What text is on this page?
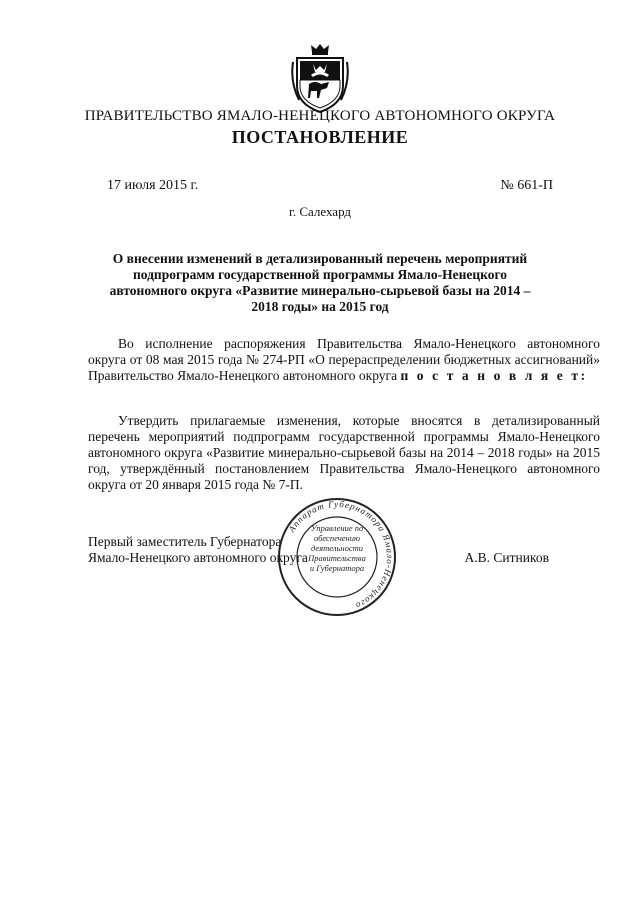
ПРАВИТЕЛЬСТВО ЯМАЛО-НЕНЕЦКОГО АВТОНОМНОГО ОКРУГА
ПОСТАНОВЛЕНИЕ
17 июля 2015 г.	№ 661-П
г. Салехард
О внесении изменений в детализированный перечень мероприятий подпрограмм государственной программы Ямало-Ненецкого автономного округа «Развитие минерально-сырьевой базы на 2014 – 2018 годы» на 2015 год
Во исполнение распоряжения Правительства Ямало-Ненецкого автономного округа от 08 мая 2015 года № 274-РП «О перераспределении бюджетных ассигнований» Правительство Ямало-Ненецкого автономного округа п о с т а н о в л я е т:
Утвердить прилагаемые изменения, которые вносятся в детализированный перечень мероприятий подпрограмм государственной программы Ямало-Ненецкого автономного округа «Развитие минерально-сырьевой базы на 2014 – 2018 годы» на 2015 год, утверждённый постановлением Правительства Ямало-Ненецкого автономного округа от 20 января 2015 года № 7-П.
Первый заместитель Губернатора
Ямало-Ненецкого автономного округа	А.В. Ситников
Аппарат Губернатора Ямало-Ненецкого
Управление по
обеспечению
деятельности
Правительства
и Губернатора
